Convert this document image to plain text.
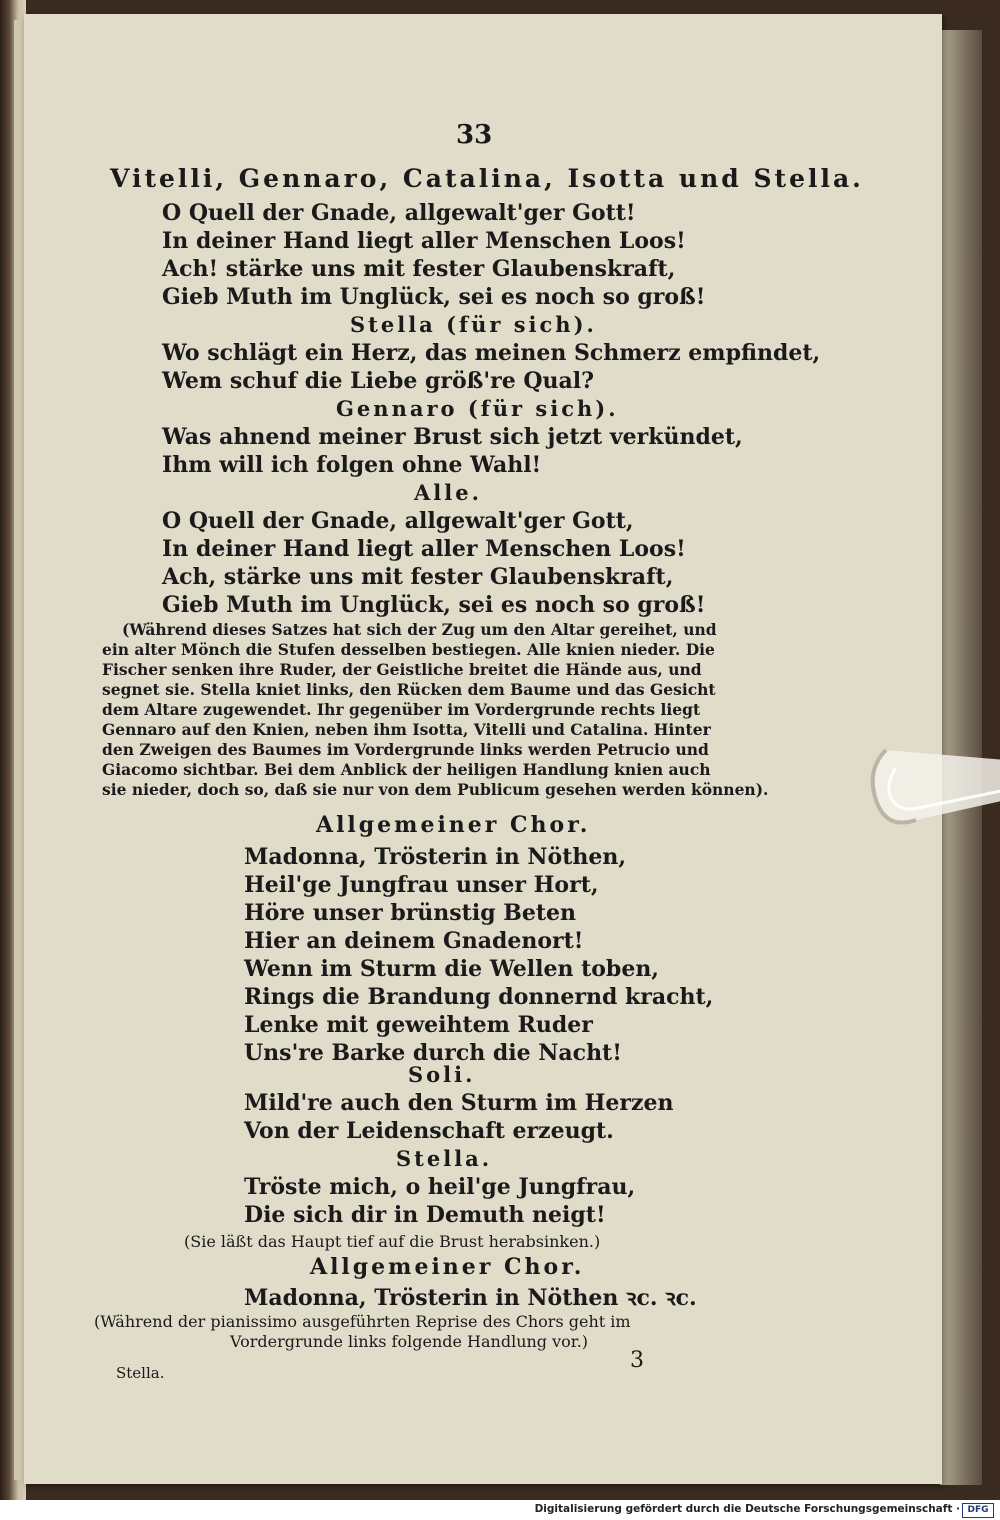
33
Vitelli, Gennaro, Catalina, Isotta und Stella.
O Quell der Gnade, allgewalt'ger Gott!
In deiner Hand liegt aller Menschen Loos!
Ach! stärke uns mit fester Glaubenskraft,
Gieb Muth im Unglück, sei es noch so groß!
Stella (für sich).
Wo schlägt ein Herz, das meinen Schmerz empfindet,
Wem schuf die Liebe größ're Qual?
Gennaro (für sich).
Was ahnend meiner Brust sich jetzt verkündet,
Ihm will ich folgen ohne Wahl!
Alle.
O Quell der Gnade, allgewalt'ger Gott,
In deiner Hand liegt aller Menschen Loos!
Ach, stärke uns mit fester Glaubenskraft,
Gieb Muth im Unglück, sei es noch so groß!
(Während dieses Satzes hat sich der Zug um den Altar gereihet, und
ein alter Mönch die Stufen desselben bestiegen. Alle knien nieder. Die
Fischer senken ihre Ruder, der Geistliche breitet die Hände aus, und
segnet sie. Stella kniet links, den Rücken dem Baume und das Gesicht
dem Altare zugewendet. Ihr gegenüber im Vordergrunde rechts liegt
Gennaro auf den Knien, neben ihm Isotta, Vitelli und Catalina. Hinter
den Zweigen des Baumes im Vordergrunde links werden Petrucio und
Giacomo sichtbar. Bei dem Anblick der heiligen Handlung knien auch
sie nieder, doch so, daß sie nur von dem Publicum gesehen werden können).
Allgemeiner Chor.
Madonna, Trösterin in Nöthen,
Heil'ge Jungfrau unser Hort,
Höre unser brünstig Beten
Hier an deinem Gnadenort!
Wenn im Sturm die Wellen toben,
Rings die Brandung donnernd kracht,
Lenke mit geweihtem Ruder
Uns're Barke durch die Nacht!
Soli.
Mild're auch den Sturm im Herzen
Von der Leidenschaft erzeugt.
Stella.
Tröste mich, o heil'ge Jungfrau,
Die sich dir in Demuth neigt!
(Sie läßt das Haupt tief auf die Brust herabsinken.)
Allgemeiner Chor.
Madonna, Trösterin in Nöthen ꝛc. ꝛc.
(Während der pianissimo ausgeführten Reprise des Chors geht im
Vordergrunde links folgende Handlung vor.)
Stella.	3
Digitalisierung gefördert durch die Deutsche Forschungsgemeinschaft · DFG
